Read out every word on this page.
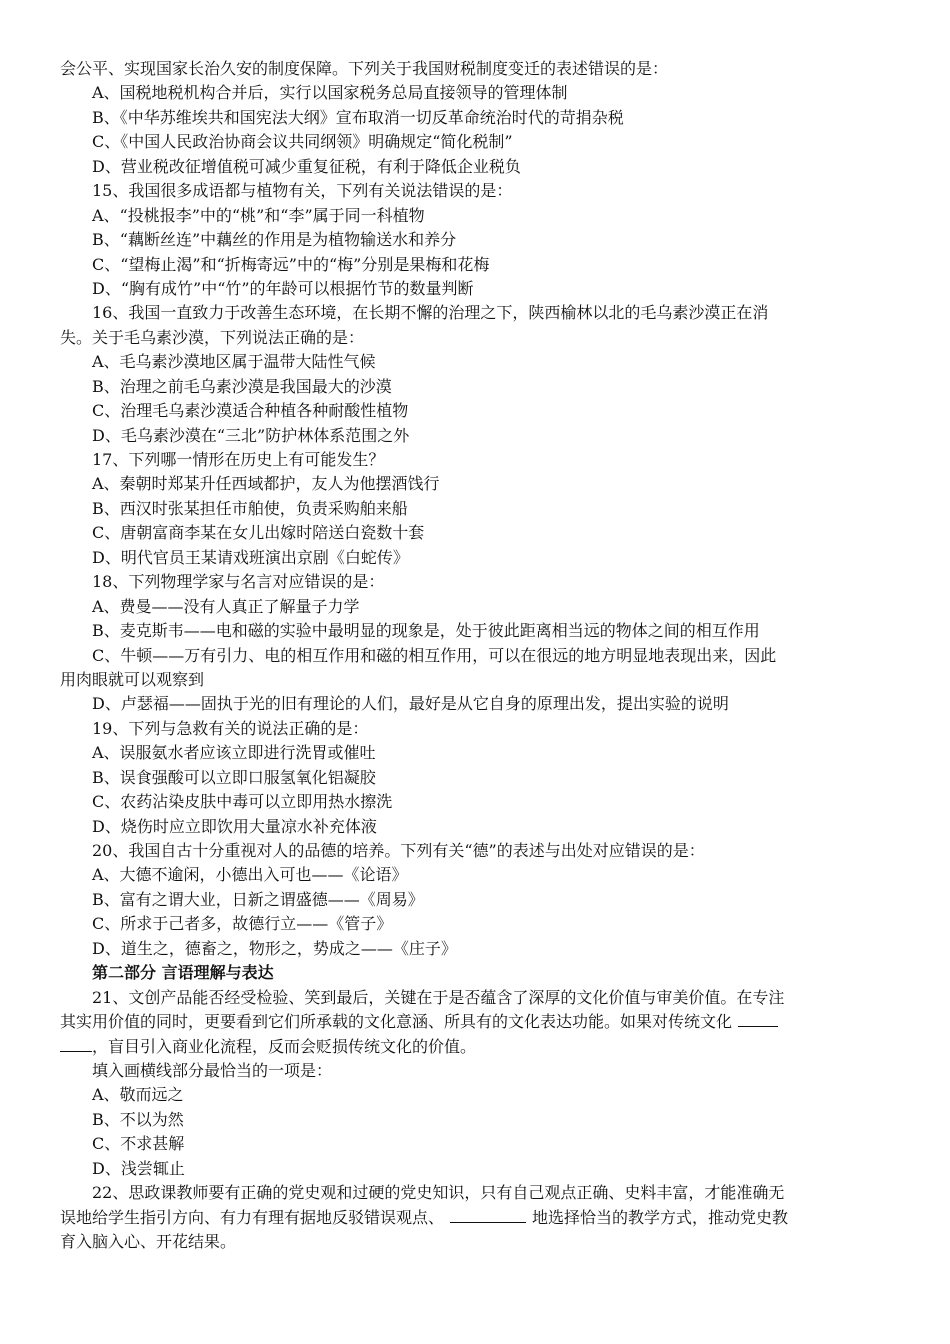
会公平、实现国家长治久安的制度保障。下列关于我国财税制度变迁的表述错误的是：
A、国税地税机构合并后，实行以国家税务总局直接领导的管理体制
B、《中华苏维埃共和国宪法大纲》宣布取消一切反革命统治时代的苛捐杂税
C、《中国人民政治协商会议共同纲领》明确规定“简化税制”
D、营业税改征增值税可减少重复征税，有利于降低企业税负
15、我国很多成语都与植物有关，下列有关说法错误的是：
A、“投桃报李”中的“桃”和“李”属于同一科植物
B、“藕断丝连”中藕丝的作用是为植物输送水和养分
C、“望梅止渴”和“折梅寄远”中的“梅”分别是果梅和花梅
D、“胸有成竹”中“竹”的年龄可以根据竹节的数量判断
16、我国一直致力于改善生态环境，在长期不懈的治理之下，陕西榆林以北的毛乌素沙漠正在消
失。关于毛乌素沙漠，下列说法正确的是：
A、毛乌素沙漠地区属于温带大陆性气候
B、治理之前毛乌素沙漠是我国最大的沙漠
C、治理毛乌素沙漠适合种植各种耐酸性植物
D、毛乌素沙漠在“三北”防护林体系范围之外
17、下列哪一情形在历史上有可能发生？
A、秦朝时郑某升任西域都护，友人为他摆酒饯行
B、西汉时张某担任市舶使，负责采购舶来船
C、唐朝富商李某在女儿出嫁时陪送白瓷数十套
D、明代官员王某请戏班演出京剧《白蛇传》
18、下列物理学家与名言对应错误的是：
A、费曼——没有人真正了解量子力学
B、麦克斯韦——电和磁的实验中最明显的现象是，处于彼此距离相当远的物体之间的相互作用
C、牛顿——万有引力、电的相互作用和磁的相互作用，可以在很远的地方明显地表现出来，因此
用肉眼就可以观察到
D、卢瑟福——固执于光的旧有理论的人们，最好是从它自身的原理出发，提出实验的说明
19、下列与急救有关的说法正确的是：
A、误服氨水者应该立即进行洗胃或催吐
B、误食强酸可以立即口服氢氧化铝凝胶
C、农药沾染皮肤中毒可以立即用热水擦洗
D、烧伤时应立即饮用大量凉水补充体液
20、我国自古十分重视对人的品德的培养。下列有关“德”的表述与出处对应错误的是：
A、大德不逾闲，小德出入可也——《论语》
B、富有之谓大业，日新之谓盛德——《周易》
C、所求于己者多，故德行立——《管子》
D、道生之，德畜之，物形之，势成之——《庄子》
第二部分 言语理解与表达
21、文创产品能否经受检验、笑到最后，关键在于是否蕴含了深厚的文化价值与审美价值。在专注
其实用价值的同时，更要看到它们所承载的文化意涵、所具有的文化表达功能。如果对传统文化
，盲目引入商业化流程，反而会贬损传统文化的价值。
填入画横线部分最恰当的一项是：
A、敬而远之
B、不以为然
C、不求甚解
D、浅尝辄止
22、思政课教师要有正确的党史观和过硬的党史知识，只有自己观点正确、史料丰富，才能准确无
误地给学生指引方向、有力有理有据地反驳错误观点、	地选择恰当的教学方式，推动党史教
育入脑入心、开花结果。
